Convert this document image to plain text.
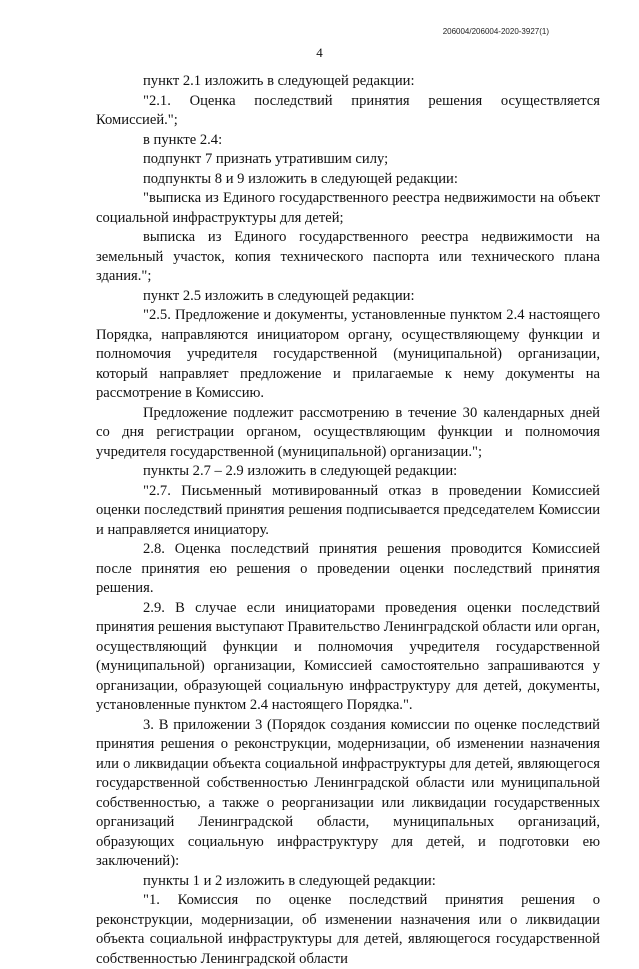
206004/206004-2020-3927(1)
4

пункт 2.1 изложить в следующей редакции:

"2.1. Оценка последствий принятия решения осуществляется Комиссией.";

в пункте 2.4:

подпункт 7 признать утратившим силу;

подпункты 8 и 9 изложить в следующей редакции:

"выписка из Единого государственного реестра недвижимости на объект социальной инфраструктуры для детей;

выписка из Единого государственного реестра недвижимости на земельный участок, копия технического паспорта или технического плана здания.";

пункт 2.5 изложить в следующей редакции:

"2.5. Предложение и документы, установленные пунктом 2.4 настоящего Порядка, направляются инициатором органу, осуществляющему функции и полномочия учредителя государственной (муниципальной) организации, который направляет предложение и прилагаемые к нему документы на рассмотрение в Комиссию.

Предложение подлежит рассмотрению в течение 30 календарных дней со дня регистрации органом, осуществляющим функции и полномочия учредителя государственной (муниципальной) организации.";

пункты 2.7 – 2.9 изложить в следующей редакции:

"2.7. Письменный мотивированный отказ в проведении Комиссией оценки последствий принятия решения подписывается председателем Комиссии и направляется инициатору.

2.8. Оценка последствий принятия решения проводится Комиссией после принятия ею решения о проведении оценки последствий принятия решения.

2.9. В случае если инициаторами проведения оценки последствий принятия решения выступают Правительство Ленинградской области или орган, осуществляющий функции и полномочия учредителя государственной (муниципальной) организации, Комиссией самостоятельно запрашиваются у организации, образующей социальную инфраструктуру для детей, документы, установленные пунктом 2.4 настоящего Порядка.".

3. В приложении 3 (Порядок создания комиссии по оценке последствий принятия решения о реконструкции, модернизации, об изменении назначения или о ликвидации объекта социальной инфраструктуры для детей, являющегося государственной собственностью Ленинградской области или муниципальной собственностью, а также о реорганизации или ликвидации государственных организаций Ленинградской области, муниципальных организаций, образующих социальную инфраструктуру для детей, и подготовки ею заключений):

пункты 1 и 2 изложить в следующей редакции:

"1. Комиссия по оценке последствий принятия решения о реконструкции, модернизации, об изменении назначения или о ликвидации объекта социальной инфраструктуры для детей, являющегося государственной собственностью Ленинградской области
